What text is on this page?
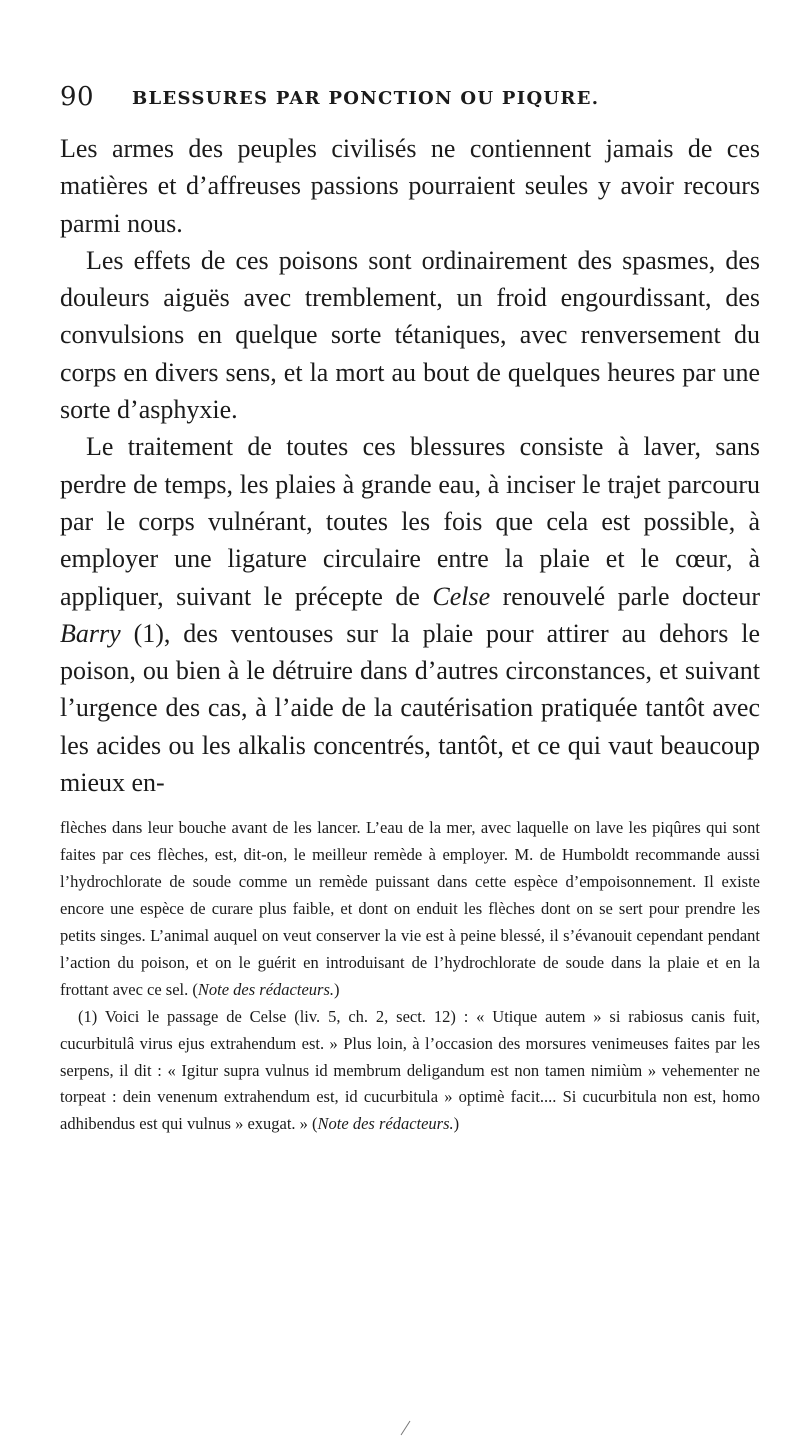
90 BLESSURES PAR PONCTION OU PIQURE.

Les armes des peuples civilisés ne contiennent jamais de ces matières et d’affreuses passions pourraient seules y avoir recours parmi nous.

Les effets de ces poisons sont ordinairement des spasmes, des douleurs aiguës avec tremblement, un froid engourdissant, des convulsions en quelque sorte tétaniques, avec renversement du corps en divers sens, et la mort au bout de quelques heures par une sorte d’asphyxie.

Le traitement de toutes ces blessures consiste à laver, sans perdre de temps, les plaies à grande eau, à inciser le trajet parcouru par le corps vulnérant, toutes les fois que cela est possible, à employer une ligature circulaire entre la plaie et le cœur, à appliquer, suivant le précepte de Celse renouvelé parle docteur Barry (1), des ventouses sur la plaie pour attirer au dehors le poison, ou bien à le détruire dans d’autres circonstances, et suivant l’urgence des cas, à l’aide de la cautérisation pratiquée tantôt avec les acides ou les alkalis concentrés, tantôt, et ce qui vaut beaucoup mieux en-

flèches dans leur bouche avant de les lancer. L’eau de la mer, avec laquelle on lave les piqûres qui sont faites par ces flèches, est, dit-on, le meilleur remède à employer. M. de Humboldt recommande aussi l’hydrochlorate de soude comme un remède puissant dans cette espèce d’empoisonnement. Il existe encore une espèce de curare plus faible, et dont on enduit les flèches dont on se sert pour prendre les petits singes. L’animal auquel on veut conserver la vie est à peine blessé, il s’évanouit cependant pendant l’action du poison, et on le guérit en introduisant de l’hydrochlorate de soude dans la plaie et en la frottant avec ce sel. (Note des rédacteurs.)

(1) Voici le passage de Celse (liv. 5, ch. 2, sect. 12) : « Utique autem » si rabiosus canis fuit, cucurbitulâ virus ejus extrahendum est. » Plus loin, à l’occasion des morsures venimeuses faites par les serpens, il dit : « Igitur supra vulnus id membrum deligandum est non tamen nimiùm » vehementer ne torpeat : dein venenum extrahendum est, id cucurbitula » optimè facit.... Si cucurbitula non est, homo adhibendus est qui vulnus » exugat. » (Note des rédacteurs.)
